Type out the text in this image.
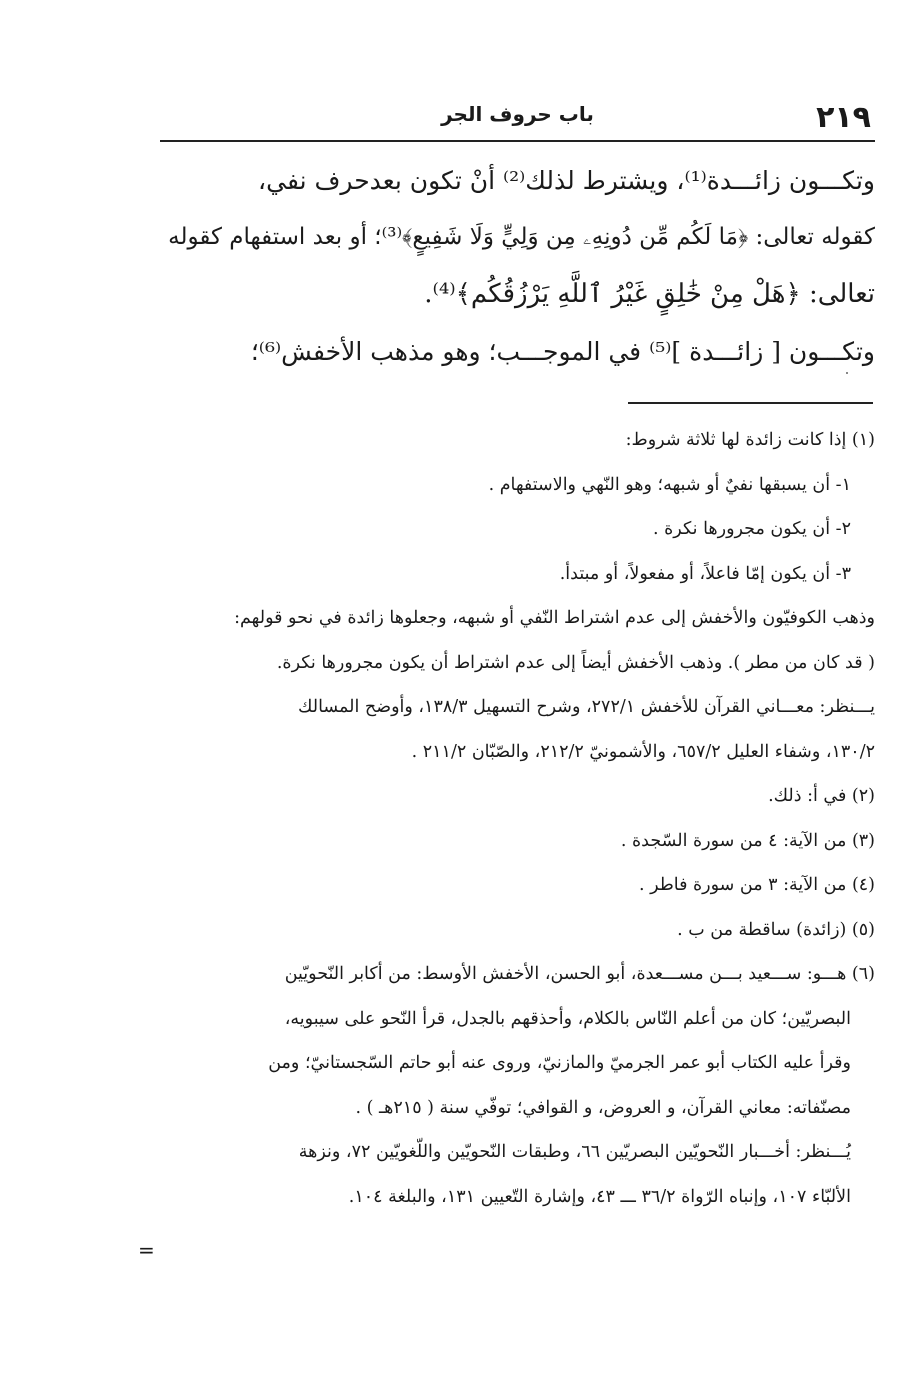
٢١٩
باب حروف الجر
وتكـــون زائـــدة⁽¹⁾، ويشترط لذلك⁽²⁾ أنْ تكون بعدحرف نفي،
كقوله تعالى: ﴿مَا لَكُم مِّن دُونِهِۦ مِن وَلِيٍّ وَلَا شَفِيعٍ﴾⁽³⁾؛ أو بعد استفهام كقوله
تعالى: ﴿هَلْ مِنْ خَٰلِقٍ غَيْرُ ٱللَّهِ يَرْزُقُكُم﴾⁽⁴⁾.
وتكـــون [ زائـــدة ]⁽⁵⁾ في الموجـــب؛ وهو مذهب الأخفش⁽⁶⁾؛
(١) إذا كانت زائدة لها ثلاثة شروط:
١- أن يسبقها نفيٌ أو شبهه؛ وهو النّهي والاستفهام .
٢- أن يكون مجرورها نكرة .
٣- أن يكون إمّا فاعلاً، أو مفعولاً، أو مبتدأ.
وذهب الكوفيّون والأخفش إلى عدم اشتراط النّفي أو شبهه، وجعلوها زائدة في نحو قولهم:
( قد كان من مطر ). وذهب الأخفش أيضاً إلى عدم اشتراط أن يكون مجرورها نكرة.
يـــنظر: معـــاني القرآن للأخفش ٢٧٢/١، وشرح التسهيل ١٣٨/٣، وأوضح المسالك
١٣٠/٢، وشفاء العليل ٦٥٧/٢، والأشمونيّ ٢١٢/٢، والصّبّان ٢١١/٢ .
(٢) في أ: ذلك.
(٣) من الآية: ٤ من سورة السّجدة .
(٤) من الآية: ٣ من سورة فاطر .
(٥) (زائدة) ساقطة من ب .
(٦) هـــو: ســـعيد بـــن مســـعدة، أبو الحسن، الأخفش الأوسط: من أكابر النّحويّين
البصريّين؛ كان من أعلم النّاس بالكلام، وأحذقهم بالجدل، قرأ النّحو على سيبويه،
وقرأ عليه الكتاب أبو عمر الجرميّ والمازنيّ، وروى عنه أبو حاتم السّجستانيّ؛ ومن
مصنّفاته: معاني القرآن، و العروض، و القوافي؛ توفّي سنة ( ٢١٥هـ ) .
يُـــنظر: أخـــبار النّحويّين البصريّين ٦٦، وطبقات النّحويّين واللّغويّين ٧٢، ونزهة
الألبّاء ١٠٧، وإنباه الرّواة ٣٦/٢ ـــ ٤٣، وإشارة التّعيين ١٣١، والبلغة ١٠٤.
=
